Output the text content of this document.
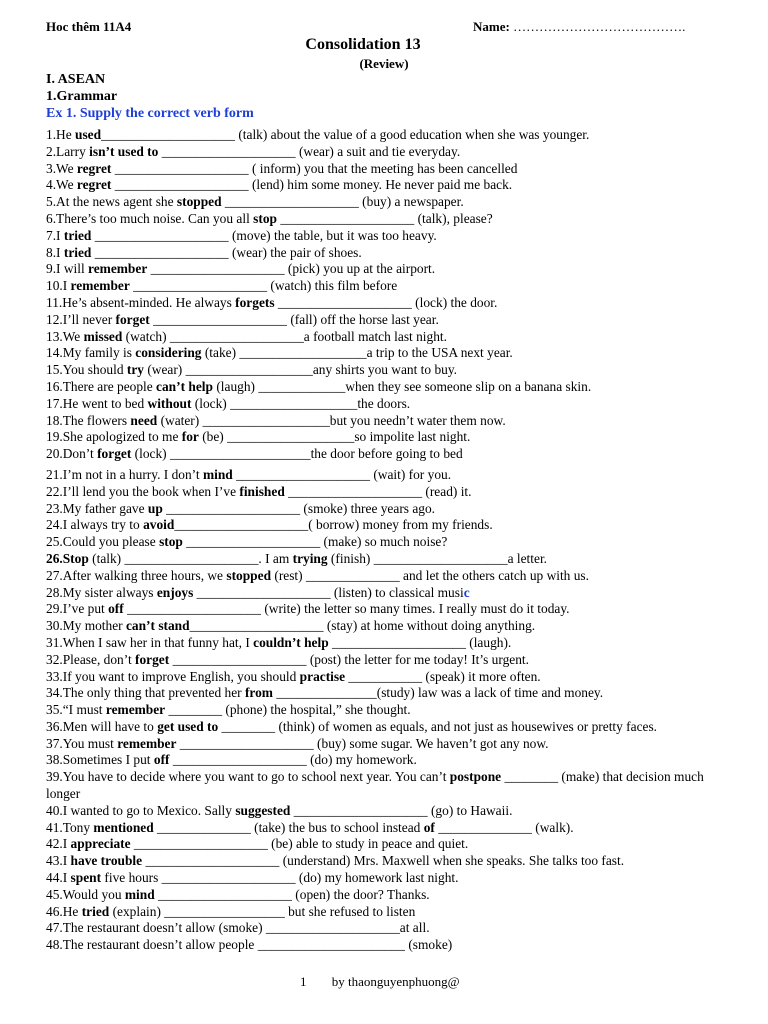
Hoc thêm 11A4	Name: ………………………………….
Consolidation 13
(Review)
I. ASEAN
1.Grammar
Ex 1. Supply the correct verb form
1.He used____________________ (talk) about the value of a good education when she was younger.
2.Larry isn’t used to ____________________ (wear) a suit and tie everyday.
3.We regret ____________________ ( inform) you that the meeting has been cancelled
4.We regret ____________________ (lend) him some money. He never paid me back.
5.At the news agent she stopped ____________________ (buy) a newspaper.
6.There’s too much noise. Can you all stop ____________________ (talk), please?
7.I tried ____________________ (move) the table, but it was too heavy.
8.I tried ____________________ (wear) the pair of shoes.
9.I will remember ____________________ (pick) you up at the airport.
10.I remember ____________________ (watch) this film before
11.He’s absent-minded. He always forgets ____________________ (lock) the door.
12.I’ll never forget ____________________ (fall) off the horse last year.
13.We missed (watch) ____________________a football match last night.
14.My family is considering (take) ___________________a trip to the USA next year.
15.You should try (wear) ___________________any shirts you want to buy.
16.There are people can’t help (laugh) _____________when they see someone slip on a banana skin.
17.He went to bed without (lock) ___________________the doors.
18.The flowers need (water) ___________________but you needn’t water them now.
19.She apologized to me for (be) ___________________so impolite last night.
20.Don’t forget (lock) _____________________the door before going to bed
21.I’m not in a hurry. I don’t mind ____________________ (wait) for you.
22.I’ll lend you the book when I’ve finished ____________________ (read) it.
23.My father gave up ____________________ (smoke) three years ago.
24.I always try to avoid____________________( borrow) money from my friends.
25.Could you please stop ____________________ (make) so much noise?
26.Stop (talk) ____________________. I am trying (finish) ____________________a letter.
27.After walking three hours, we stopped (rest) ______________ and let the others catch up with us.
28.My sister always enjoys ____________________ (listen) to classical music
29.I’ve put off ____________________ (write) the letter so many times. I really must do it today.
30.My mother can’t stand____________________ (stay) at home without doing anything.
31.When I saw her in that funny hat, I couldn’t help ____________________ (laugh).
32.Please, don’t forget ____________________ (post) the letter for me today! It’s urgent.
33.If you want to improve English, you should practise ___________ (speak) it more often.
34.The only thing that prevented her from _______________(study) law was a lack of time and money.
35.“I must remember ________ (phone) the hospital,” she thought.
36.Men will have to get used to ________ (think) of women as equals, and not just as housewives or pretty faces.
37.You must remember ____________________ (buy) some sugar. We haven’t got any now.
38.Sometimes I put off ____________________ (do) my homework.
39.You have to decide where you want to go to school next year. You can’t postpone ________ (make) that decision much longer
40.I wanted to go to Mexico. Sally suggested ____________________ (go) to Hawaii.
41.Tony mentioned ______________ (take) the bus to school instead of ______________ (walk).
42.I appreciate ____________________ (be) able to study in peace and quiet.
43.I have trouble ____________________ (understand) Mrs. Maxwell when she speaks. She talks too fast.
44.I spent five hours ____________________ (do) my homework last night.
45.Would you mind ____________________ (open) the door? Thanks.
46.He tried (explain) __________________ but she refused to listen
47.The restaurant doesn’t allow (smoke) ____________________at all.
48.The restaurant doesn’t allow people ______________________ (smoke)
1 by thaonguyenphuong@
